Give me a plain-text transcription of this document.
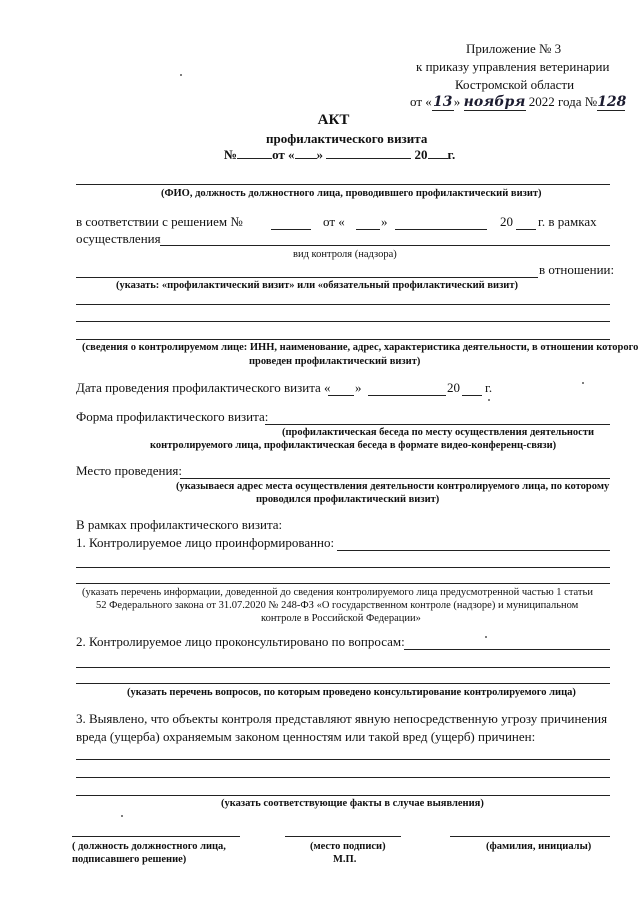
Приложение № 3
к приказу управления ветеринарии
Костромской области
от «13» ноября 2022 года №128
АКТ
профилактического визита
№	от « »	20 г.
(ФИО, должность должностного лица, проводившего профилактический визит)
в соответствии с решением №	от «	»	20 г. в рамках
осуществления
вид контроля (надзора)
в отношении:
(указать: «профилактический визит» или «обязательный профилактический визит)
(сведения о контролируемом лице: ИНН, наименование, адрес, характеристика деятельности, в отношении которого
проведен профилактический визит)
Дата проведения профилактического визита « »	20 г.
Форма профилактического визита:
(профилактическая беседа по месту осуществления деятельности
контролируемого лица, профилактическая беседа в формате видео-конференц-связи)
Место проведения:
(указываеся адрес места осуществления деятельности контролируемого лица, по которому
проводился профилактический визит)
В рамках профилактического визита:
1. Контролируемое лицо проинформированно:
(указать перечень информации, доведенной до сведения контролируемого лица предусмотренной частью 1 статьи
52 Федерального закона от 31.07.2020 № 248-ФЗ «О государственном контроле (надзоре) и муниципальном
контроле в Российской Федерации»
2. Контролируемое лицо проконсультировано по вопросам:
(указать перечень вопросов, по которым проведено консультирование контролируемого лица)
3. Выявлено, что объекты контроля представляют явную непосредственную угрозу причинения
вреда (ущерба) охраняемым законом ценностям или такой вред (ущерб) причинен:
(указать соответствующие факты в случае выявления)
( должность должностного лица,
подписавшего решение)
(место подписи)
М.П.
(фамилия, инициалы)
